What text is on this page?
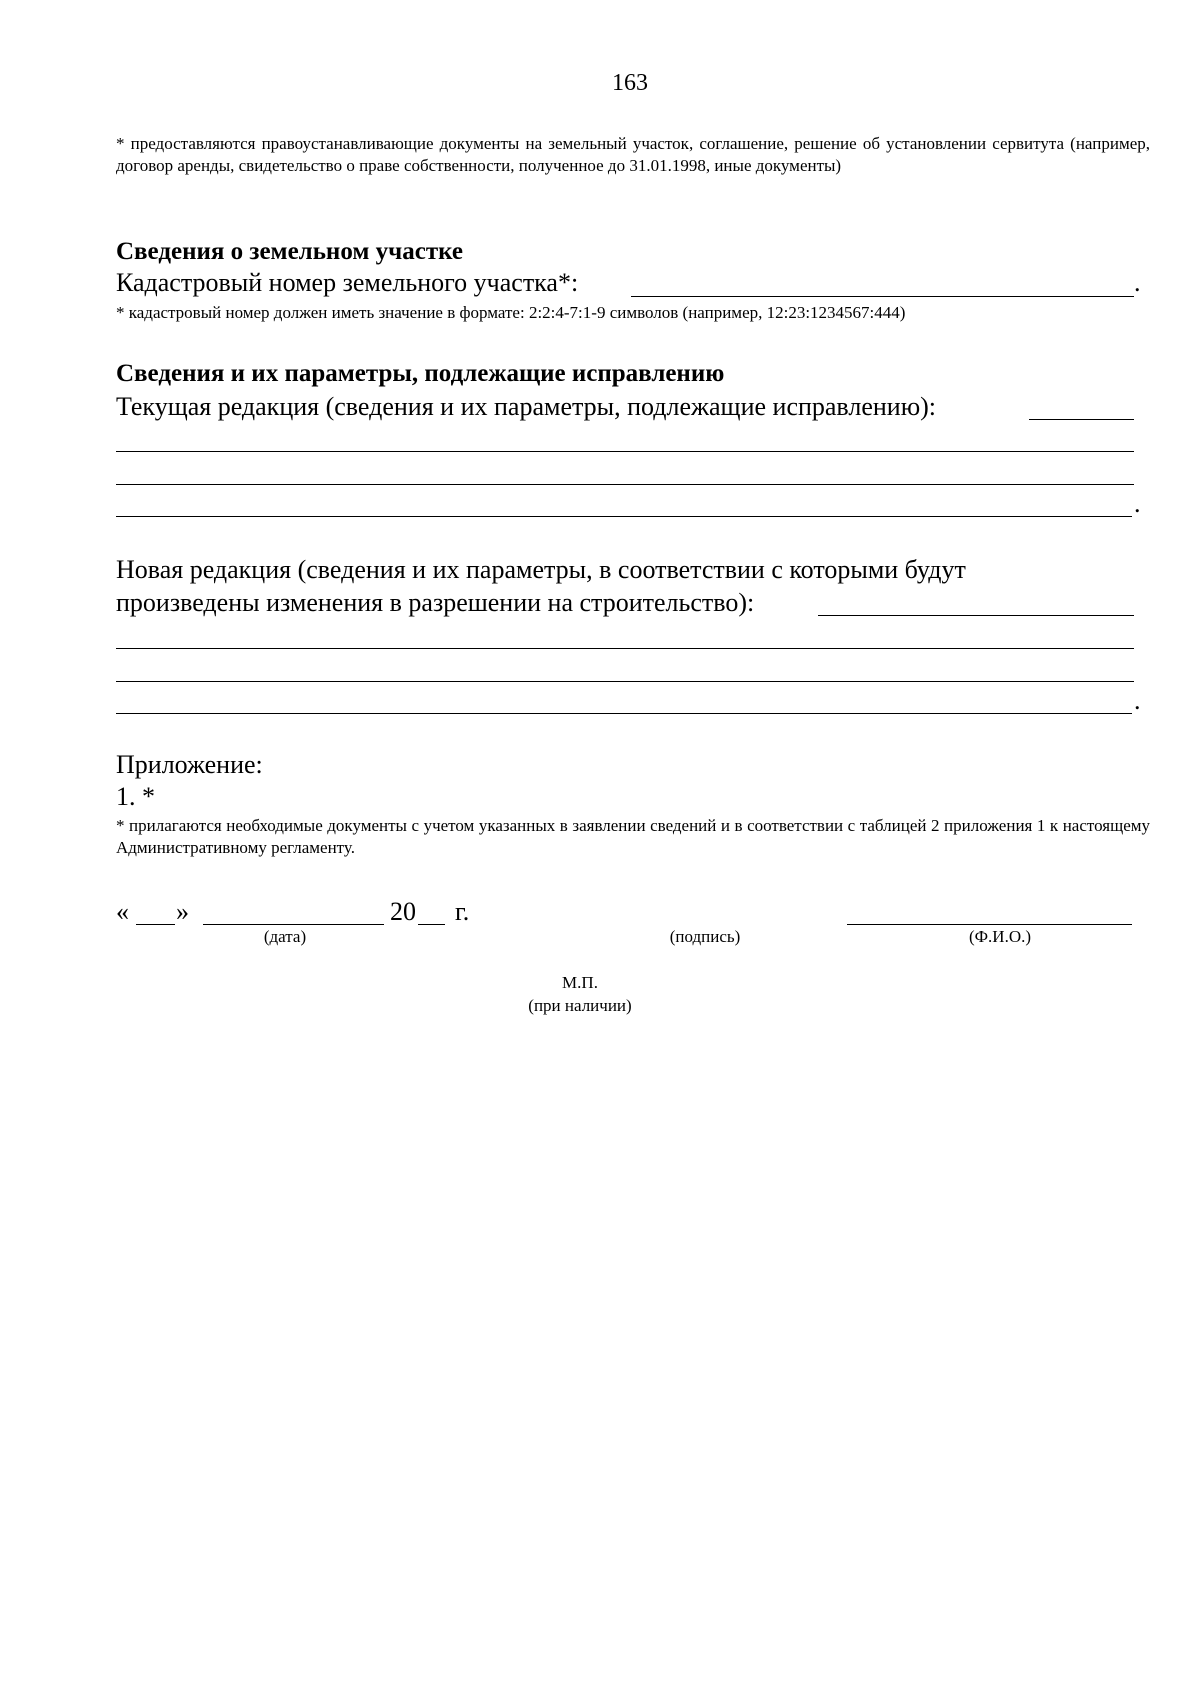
163
* предоставляются правоустанавливающие документы на земельный участок, соглашение, решение об установлении сервитута (например, договор аренды, свидетельство о праве собственности, полученное до 31.01.1998, иные документы)
Сведения о земельном участке
Кадастровый номер земельного участка*:	.
* кадастровый номер должен иметь значение в формате: 2:2:4-7:1-9 символов (например, 12:23:1234567:444)
Сведения и их параметры, подлежащие исправлению
Текущая редакция (сведения и их параметры, подлежащие исправлению):
.
Новая редакция (сведения и их параметры, в соответствии с которыми будут
произведены изменения в разрешении на строительство):
.
Приложение:
1. *
* прилагаются необходимые документы с учетом указанных в заявлении сведений и в соответствии с таблицей 2 приложения 1 к настоящему Административному регламенту.
« »	20 г.
(дата)	(подпись)	(Ф.И.О.)
М.П.
(при наличии)
